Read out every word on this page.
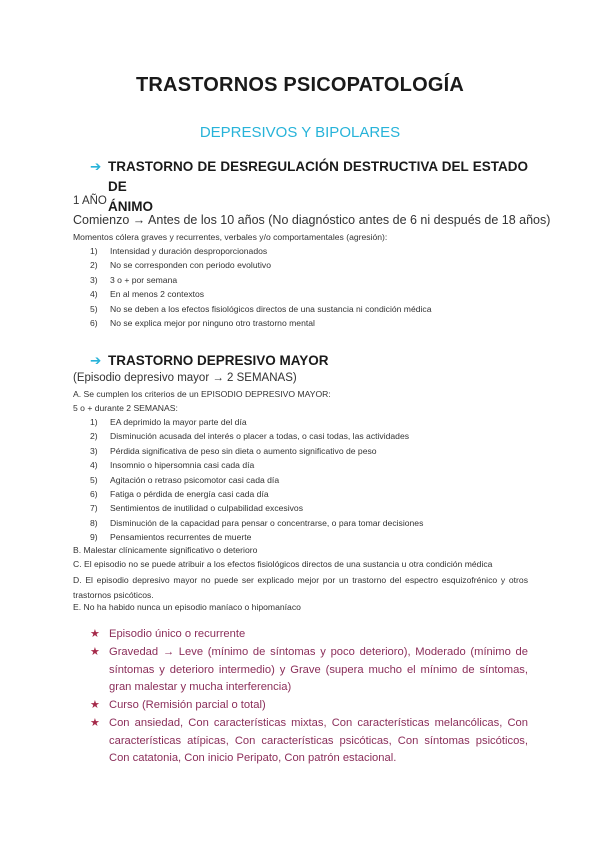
TRASTORNOS PSICOPATOLOGÍA
DEPRESIVOS Y BIPOLARES
➔ TRASTORNO DE DESREGULACIÓN DESTRUCTIVA DEL ESTADO DE
ÁNIMO
1 AÑO
Comienzo → Antes de los 10 años (No diagnóstico antes de 6 ni después de 18 años)
Momentos cólera graves y recurrentes, verbales y/o comportamentales (agresión):
1) Intensidad y duración desproporcionados
2) No se corresponden con periodo evolutivo
3) 3 o + por semana
4) En al menos 2 contextos
5) No se deben a los efectos fisiológicos directos de una sustancia ni condición médica
6) No se explica mejor por ninguno otro trastorno mental
➔ TRASTORNO DEPRESIVO MAYOR
(Episodio depresivo mayor → 2 SEMANAS)
A. Se cumplen los criterios de un EPISODIO DEPRESIVO MAYOR:
5 o + durante 2 SEMANAS:
1) EA deprimido la mayor parte del día
2) Disminución acusada del interés o placer a todas, o casi todas, las actividades
3) Pérdida significativa de peso sin dieta o aumento significativo de peso
4) Insomnio o hipersomnia casi cada día
5) Agitación o retraso psicomotor casi cada día
6) Fatiga o pérdida de energía casi cada día
7) Sentimientos de inutilidad o culpabilidad excesivos
8) Disminución de la capacidad para pensar o concentrarse, o para tomar decisiones
9) Pensamientos recurrentes de muerte
B. Malestar clínicamente significativo o deterioro
C. El episodio no se puede atribuir a los efectos fisiológicos directos de una sustancia u otra condición médica
D. El episodio depresivo mayor no puede ser explicado mejor por un trastorno del espectro esquizofrénico y otros trastornos psicóticos.
E. No ha habido nunca un episodio maníaco o hipomaníaco
★ Episodio único o recurrente
★ Gravedad → Leve (mínimo de síntomas y poco deterioro), Moderado (mínimo de síntomas y deterioro intermedio) y Grave (supera mucho el mínimo de síntomas, gran malestar y mucha interferencia)
★ Curso (Remisión parcial o total)
★ Con ansiedad, Con características mixtas, Con características melancólicas, Con características atípicas, Con características psicóticas, Con síntomas psicóticos, Con catatonia, Con inicio Peripato, Con patrón estacional.
